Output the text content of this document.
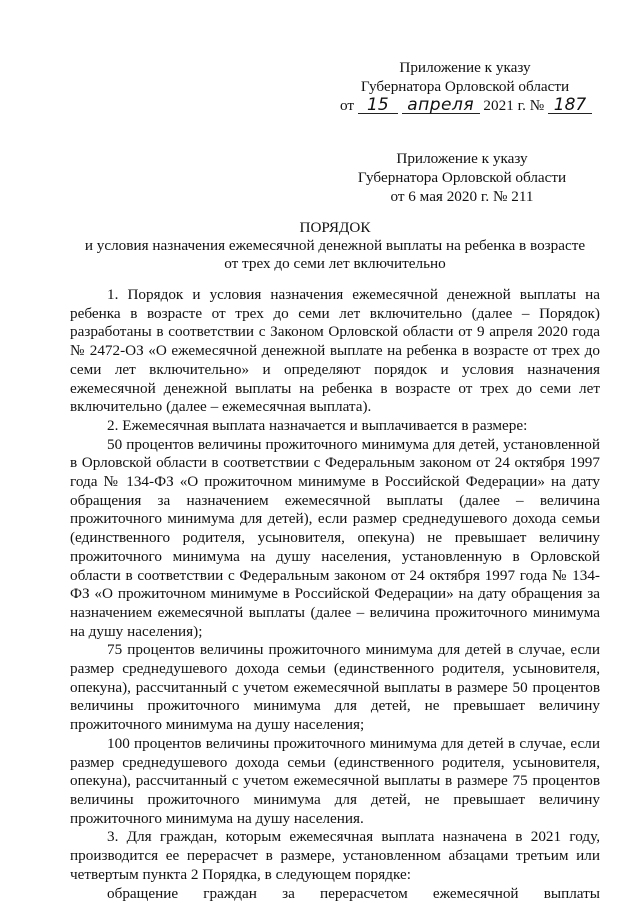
Приложение к указу
Губернатора Орловской области
от 15 апреля 2021 г. № 187
Приложение к указу
Губернатора Орловской области
от 6 мая 2020 г. № 211
ПОРЯДОК
и условия назначения ежемесячной денежной выплаты на ребенка в возрасте
от трех до семи лет включительно

1. Порядок и условия назначения ежемесячной денежной выплаты на ребенка в возрасте от трех до семи лет включительно (далее – Порядок) разработаны в соответствии с Законом Орловской области от 9 апреля 2020 года № 2472-ОЗ «О ежемесячной денежной выплате на ребенка в возрасте от трех до семи лет включительно» и определяют порядок и условия назначения ежемесячной денежной выплаты на ребенка в возрасте от трех до семи лет включительно (далее – ежемесячная выплата).

2. Ежемесячная выплата назначается и выплачивается в размере:

50 процентов величины прожиточного минимума для детей, установленной в Орловской области в соответствии с Федеральным законом от 24 октября 1997 года № 134-ФЗ «О прожиточном минимуме в Российской Федерации» на дату обращения за назначением ежемесячной выплаты (далее – величина прожиточного минимума для детей), если размер среднедушевого дохода семьи (единственного родителя, усыновителя, опекуна) не превышает величину прожиточного минимума на душу населения, установленную в Орловской области в соответствии с Федеральным законом от 24 октября 1997 года № 134-ФЗ «О прожиточном минимуме в Российской Федерации» на дату обращения за назначением ежемесячной выплаты (далее – величина прожиточного минимума на душу населения);

75 процентов величины прожиточного минимума для детей в случае, если размер среднедушевого дохода семьи (единственного родителя, усыновителя, опекуна), рассчитанный с учетом ежемесячной выплаты в размере 50 процентов величины прожиточного минимума для детей, не превышает величину прожиточного минимума на душу населения;

100 процентов величины прожиточного минимума для детей в случае, если размер среднедушевого дохода семьи (единственного родителя, усыновителя, опекуна), рассчитанный с учетом ежемесячной выплаты в размере 75 процентов величины прожиточного минимума для детей, не превышает величину прожиточного минимума на душу населения.

3. Для граждан, которым ежемесячная выплата назначена в 2021 году, производится ее перерасчет в размере, установленном абзацами третьим или четвертым пункта 2 Порядка, в следующем порядке:

обращение граждан за перерасчетом ежемесячной выплаты
